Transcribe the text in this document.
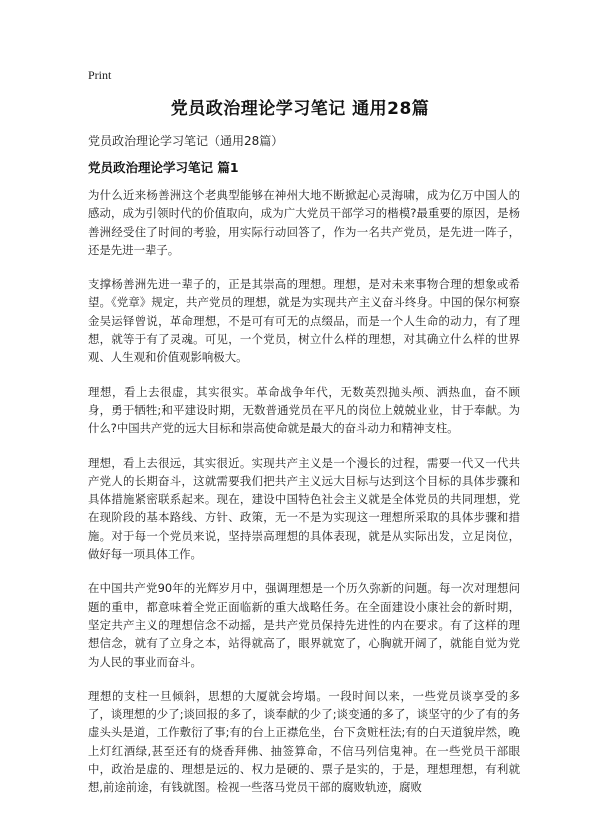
Print
党员政治理论学习笔记 通用28篇
党员政治理论学习笔记（通用28篇）
党员政治理论学习笔记 篇1

为什么近来杨善洲这个老典型能够在神州大地不断掀起心灵海啸，成为亿万中国人的感动，成为引领时代的价值取向，成为广大党员干部学习的楷模?最重要的原因，是杨善洲经受住了时间的考验，用实际行动回答了，作为一名共产党员，是先进一阵子，还是先进一辈子。

支撑杨善洲先进一辈子的，正是其崇高的理想。理想，是对未来事物合理的想象或希望。《党章》规定，共产党员的理想，就是为实现共产主义奋斗终身。中国的保尔柯察金吴运铎曾说，革命理想，不是可有可无的点缀品，而是一个人生命的动力，有了理想，就等于有了灵魂。可见，一个党员，树立什么样的理想，对其确立什么样的世界观、人生观和价值观影响极大。

理想，看上去很虚，其实很实。革命战争年代，无数英烈抛头颅、洒热血，奋不顾身，勇于牺牲;和平建设时期，无数普通党员在平凡的岗位上兢兢业业，甘于奉献。为什么?中国共产党的远大目标和崇高使命就是最大的奋斗动力和精神支柱。

理想，看上去很远，其实很近。实现共产主义是一个漫长的过程，需要一代又一代共产党人的长期奋斗，这就需要我们把共产主义远大目标与达到这个目标的具体步骤和具体措施紧密联系起来。现在，建设中国特色社会主义就是全体党员的共同理想，党在现阶段的基本路线、方针、政策，无一不是为实现这一理想所采取的具体步骤和措施。对于每一个党员来说，坚持崇高理想的具体表现，就是从实际出发，立足岗位，做好每一项具体工作。

在中国共产党90年的光辉岁月中，强调理想是一个历久弥新的问题。每一次对理想问题的重申，都意味着全党正面临新的重大战略任务。在全面建设小康社会的新时期，坚定共产主义的理想信念不动摇，是共产党员保持先进性的内在要求。有了这样的理想信念，就有了立身之本，站得就高了，眼界就宽了，心胸就开阔了，就能自觉为党为人民的事业而奋斗。

理想的支柱一旦倾斜，思想的大厦就会垮塌。一段时间以来，一些党员谈享受的多了，谈理想的少了;谈回报的多了，谈奉献的少了;谈变通的多了，谈坚守的少了有的务虚头头是道，工作敷衍了事;有的台上正襟危坐，台下贪赃枉法;有的白天道貌岸然，晚上灯红酒绿,甚至还有的烧香拜佛、抽签算命，不信马列信鬼神。在一些党员干部眼中，政治是虚的、理想是远的、权力是硬的、票子是实的，于是，理想理想，有利就想,前途前途，有钱就图。检视一些落马党员干部的腐败轨迹，腐败
